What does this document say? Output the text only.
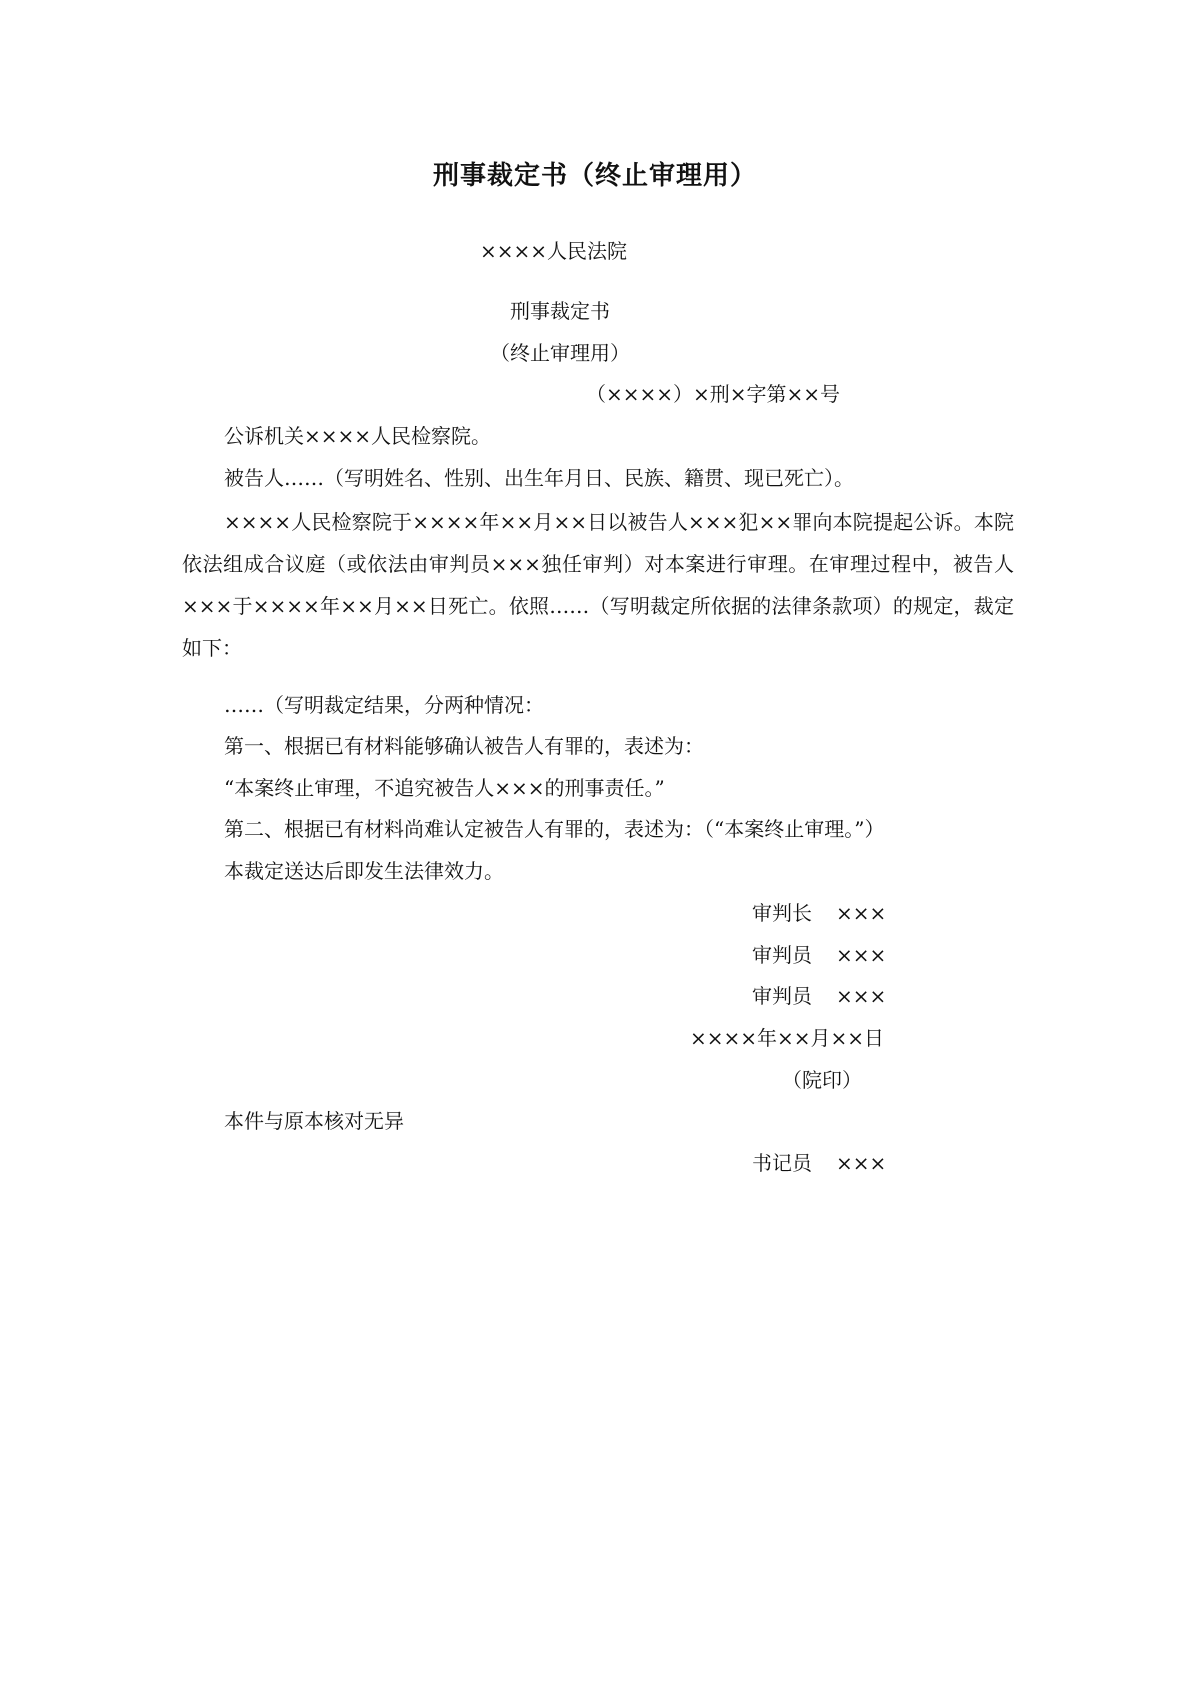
刑事裁定书（终止审理用）
××××人民法院
刑事裁定书
（终止审理用）
（××××）×刑×字第××号
公诉机关××××人民检察院。
被告人……（写明姓名、性别、出生年月日、民族、籍贯、现已死亡）。

××××人民检察院于××××年××月××日以被告人×××犯××罪向本院提起公诉。本院依法组成合议庭（或依法由审判员×××独任审判）对本案进行审理。在审理过程中，被告人×××于××××年××月××日死亡。依照……（写明裁定所依据的法律条款项）的规定，裁定如下：

……（写明裁定结果，分两种情况：
第一、根据已有材料能够确认被告人有罪的，表述为：
“本案终止审理，不追究被告人×××的刑事责任。”
第二、根据已有材料尚难认定被告人有罪的，表述为：（“本案终止审理。”）
本裁定送达后即发生法律效力。
审判长 ×××
审判员 ×××
审判员 ×××
××××年××月××日
（院印）
本件与原本核对无异
书记员 ×××
